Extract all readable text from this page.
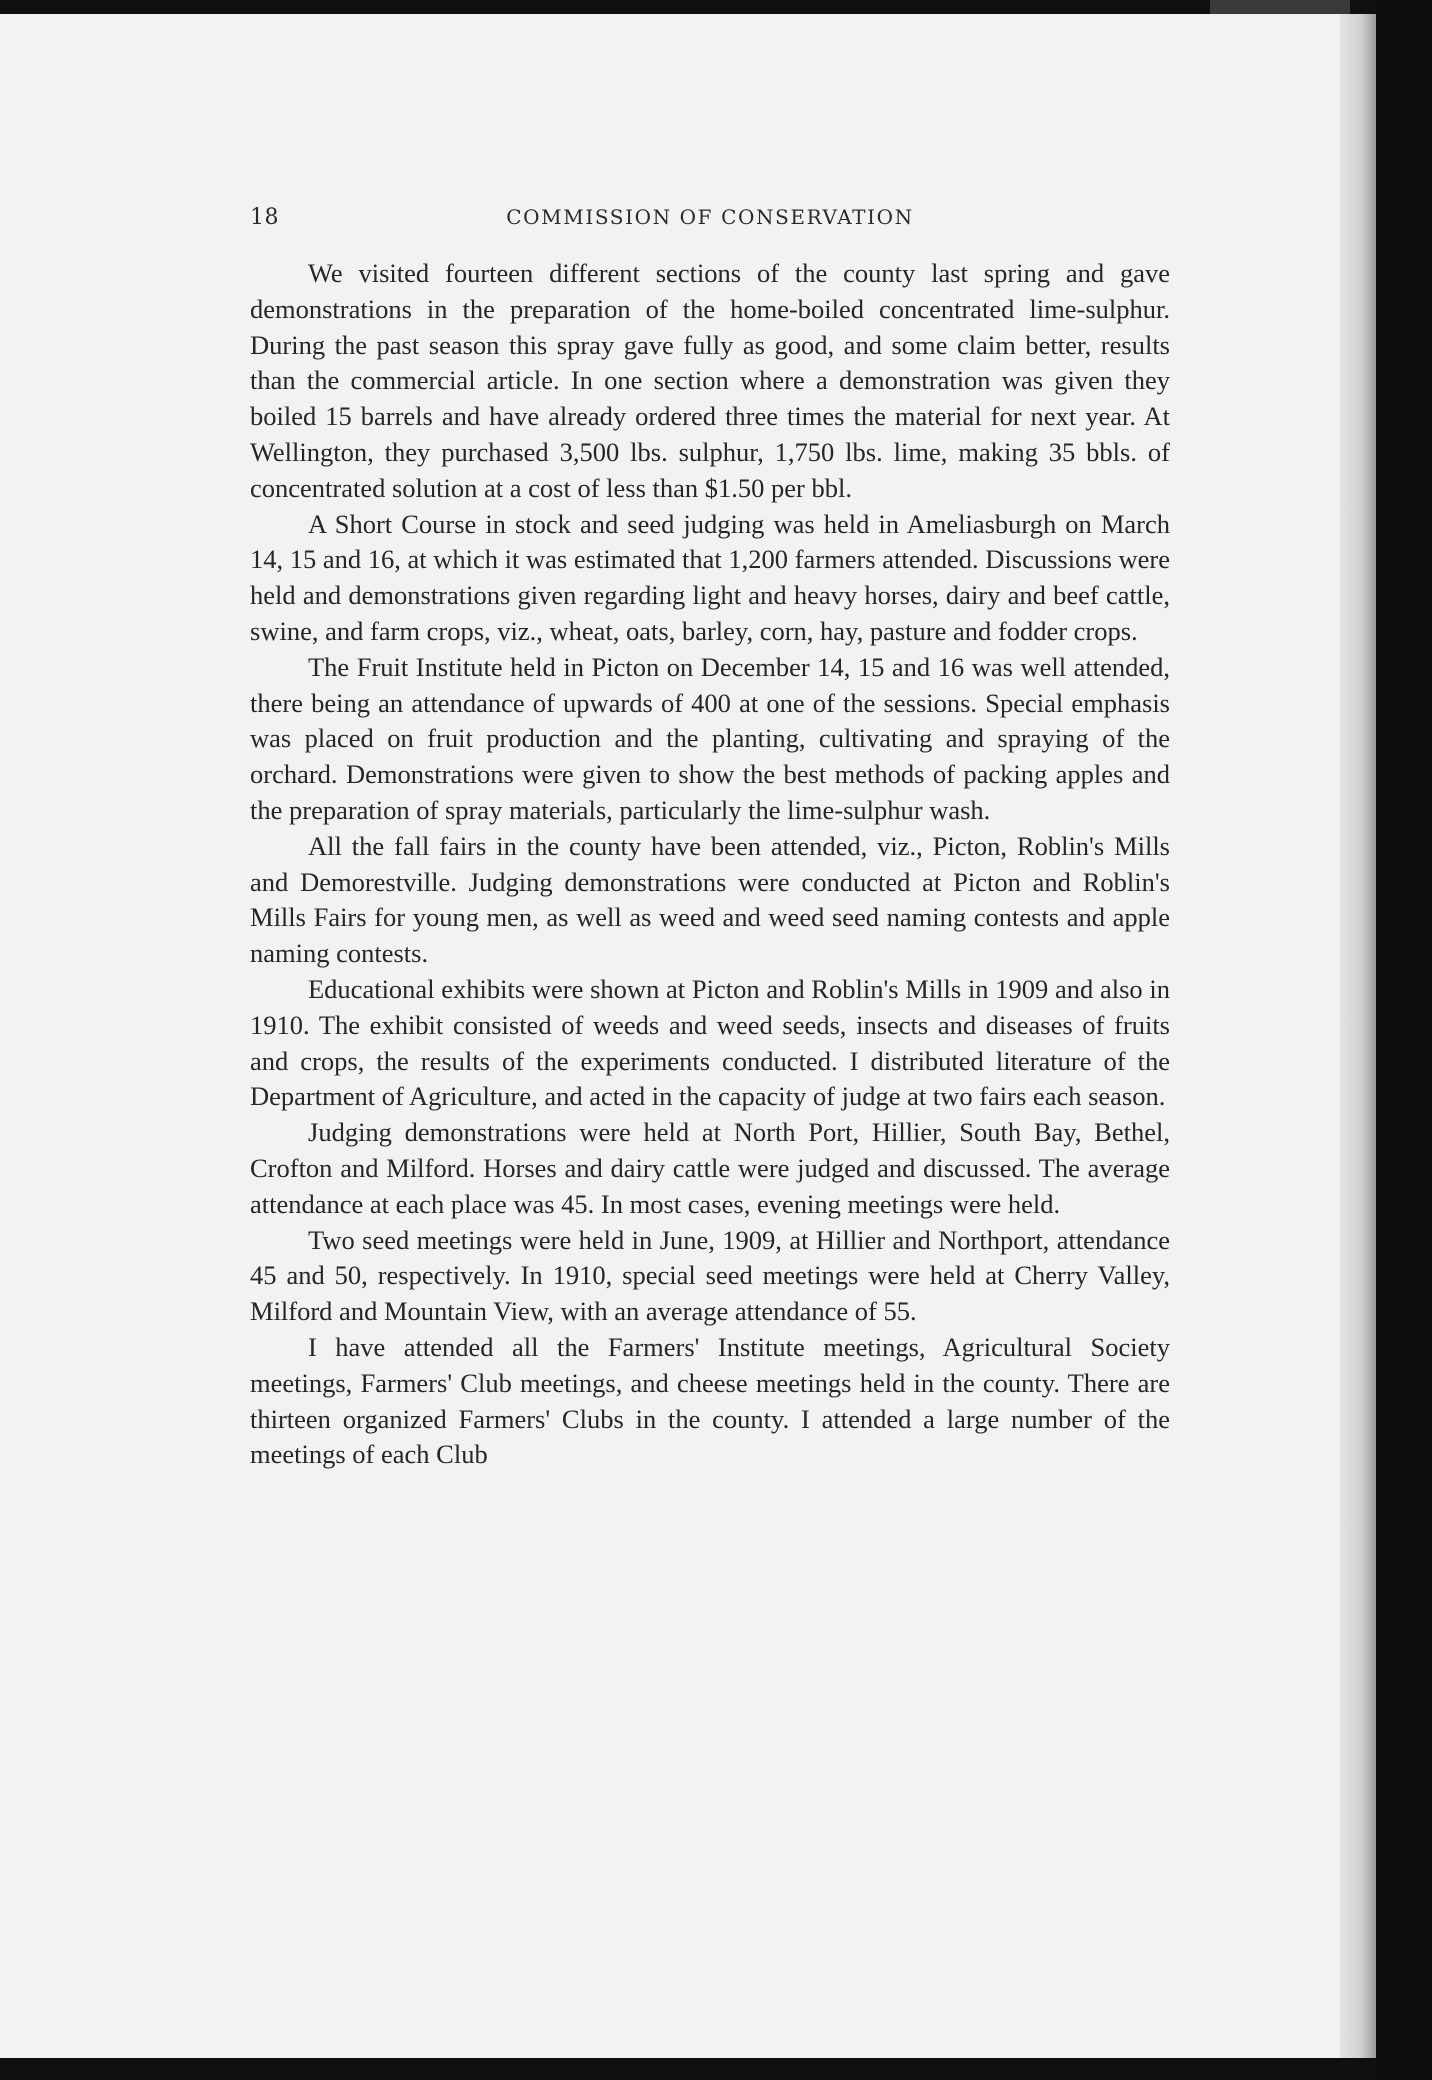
18	COMMISSION OF CONSERVATION

We visited fourteen different sections of the county last spring and gave demonstrations in the preparation of the home-boiled concentrated lime-sulphur. During the past season this spray gave fully as good, and some claim better, results than the commercial article. In one section where a demonstration was given they boiled 15 barrels and have already ordered three times the material for next year. At Wellington, they purchased 3,500 lbs. sulphur, 1,750 lbs. lime, making 35 bbls. of concentrated solution at a cost of less than $1.50 per bbl.

A Short Course in stock and seed judging was held in Ameliasburgh on March 14, 15 and 16, at which it was estimated that 1,200 farmers attended. Discussions were held and demonstrations given regarding light and heavy horses, dairy and beef cattle, swine, and farm crops, viz., wheat, oats, barley, corn, hay, pasture and fodder crops.

The Fruit Institute held in Picton on December 14, 15 and 16 was well attended, there being an attendance of upwards of 400 at one of the sessions. Special emphasis was placed on fruit production and the planting, cultivating and spraying of the orchard. Demonstrations were given to show the best methods of packing apples and the preparation of spray materials, particularly the lime-sulphur wash.

All the fall fairs in the county have been attended, viz., Picton, Roblin's Mills and Demorestville. Judging demonstrations were conducted at Picton and Roblin's Mills Fairs for young men, as well as weed and weed seed naming contests and apple naming contests.

Educational exhibits were shown at Picton and Roblin's Mills in 1909 and also in 1910. The exhibit consisted of weeds and weed seeds, insects and diseases of fruits and crops, the results of the experiments conducted. I distributed literature of the Department of Agriculture, and acted in the capacity of judge at two fairs each season.

Judging demonstrations were held at North Port, Hillier, South Bay, Bethel, Crofton and Milford. Horses and dairy cattle were judged and discussed. The average attendance at each place was 45. In most cases, evening meetings were held.

Two seed meetings were held in June, 1909, at Hillier and Northport, attendance 45 and 50, respectively. In 1910, special seed meetings were held at Cherry Valley, Milford and Mountain View, with an average attendance of 55.

I have attended all the Farmers' Institute meetings, Agricultural Society meetings, Farmers' Club meetings, and cheese meetings held in the county. There are thirteen organized Farmers' Clubs in the county. I attended a large number of the meetings of each Club
